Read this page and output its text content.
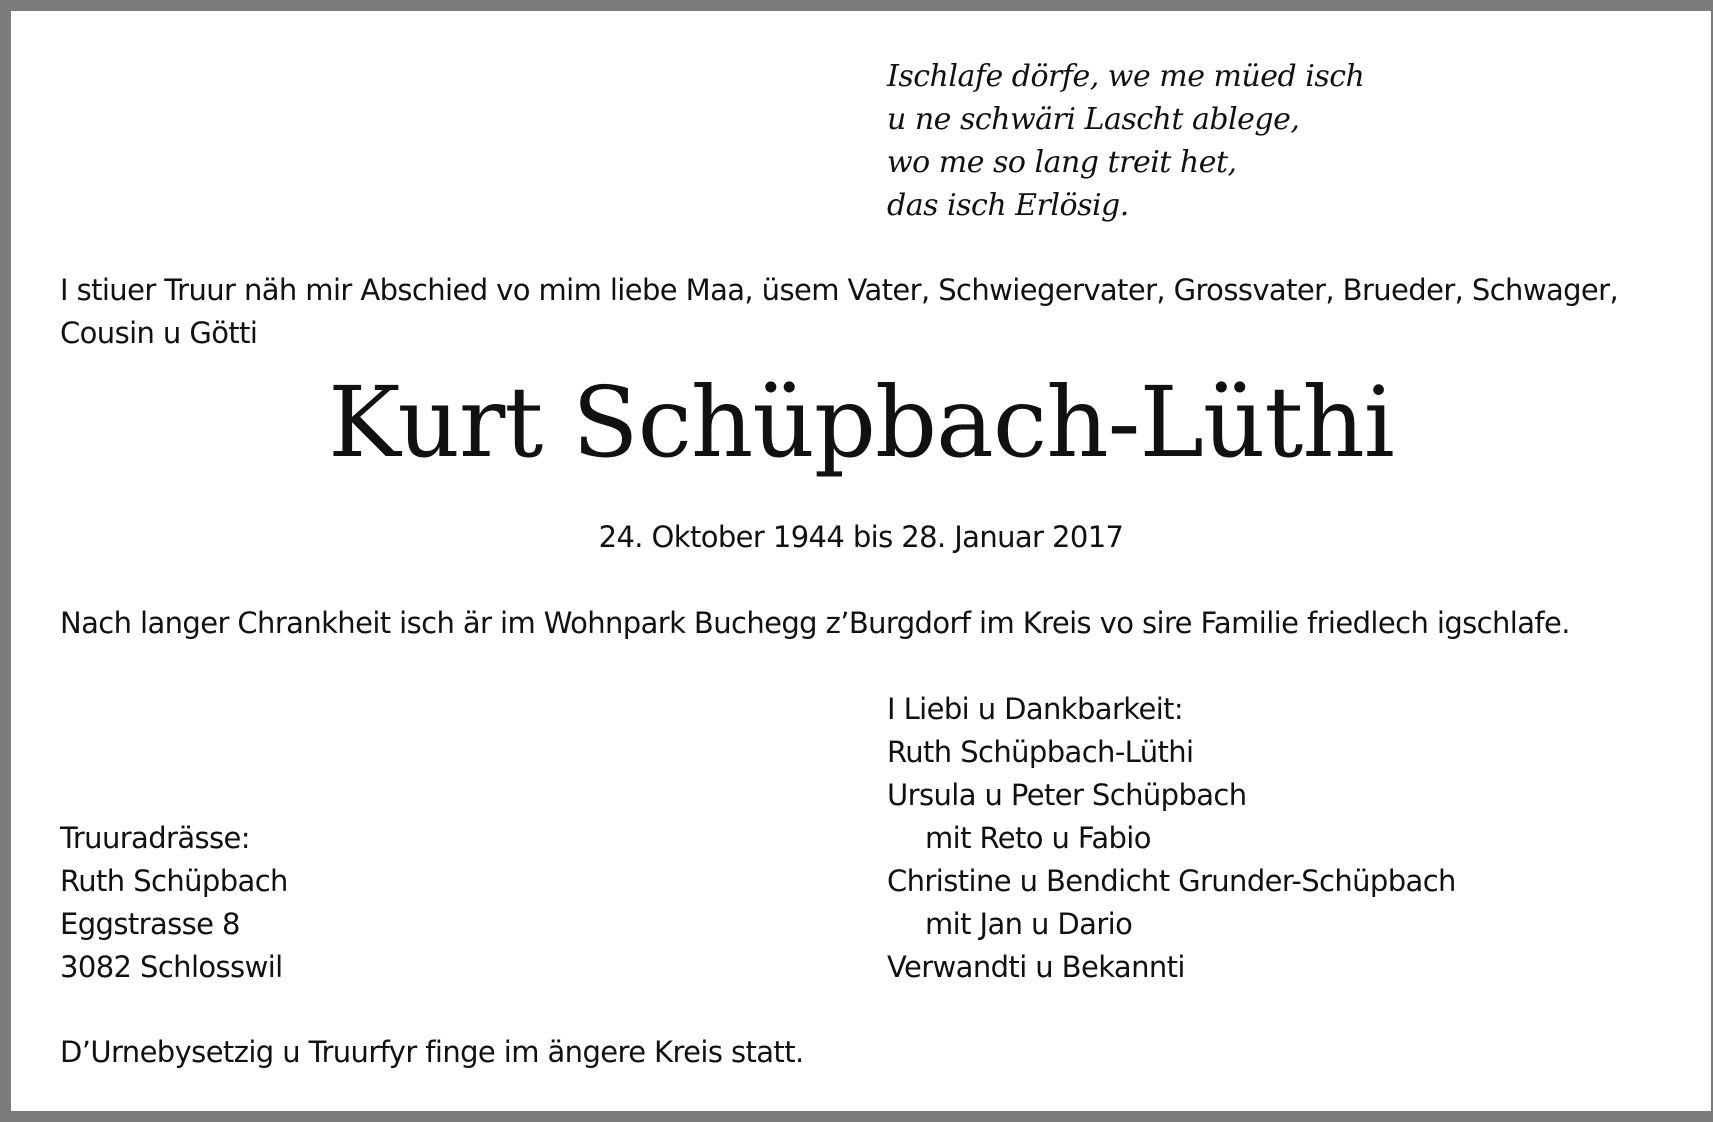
Ischlafe dörfe, we me müed isch
u ne schwäri Lascht ablege,
wo me so lang treit het,
das isch Erlösig.
I stiuer Truur näh mir Abschied vo mim liebe Maa, üsem Vater, Schwiegervater, Grossvater, Brueder, Schwager,
Cousin u Götti
Kurt Schüpbach-Lüthi
24. Oktober 1944 bis 28. Januar 2017
Nach langer Chrankheit isch är im Wohnpark Buchegg z’Burgdorf im Kreis vo sire Familie friedlech igschlafe.
I Liebi u Dankbarkeit:
Ruth Schüpbach-Lüthi
Ursula u Peter Schüpbach
mit Reto u Fabio
Christine u Bendicht Grunder-Schüpbach
mit Jan u Dario
Verwandti u Bekannti
Truuradrässe:
Ruth Schüpbach
Eggstrasse 8
3082 Schlosswil
D’Urnebysetzig u Truurfyr finge im ängere Kreis statt.
